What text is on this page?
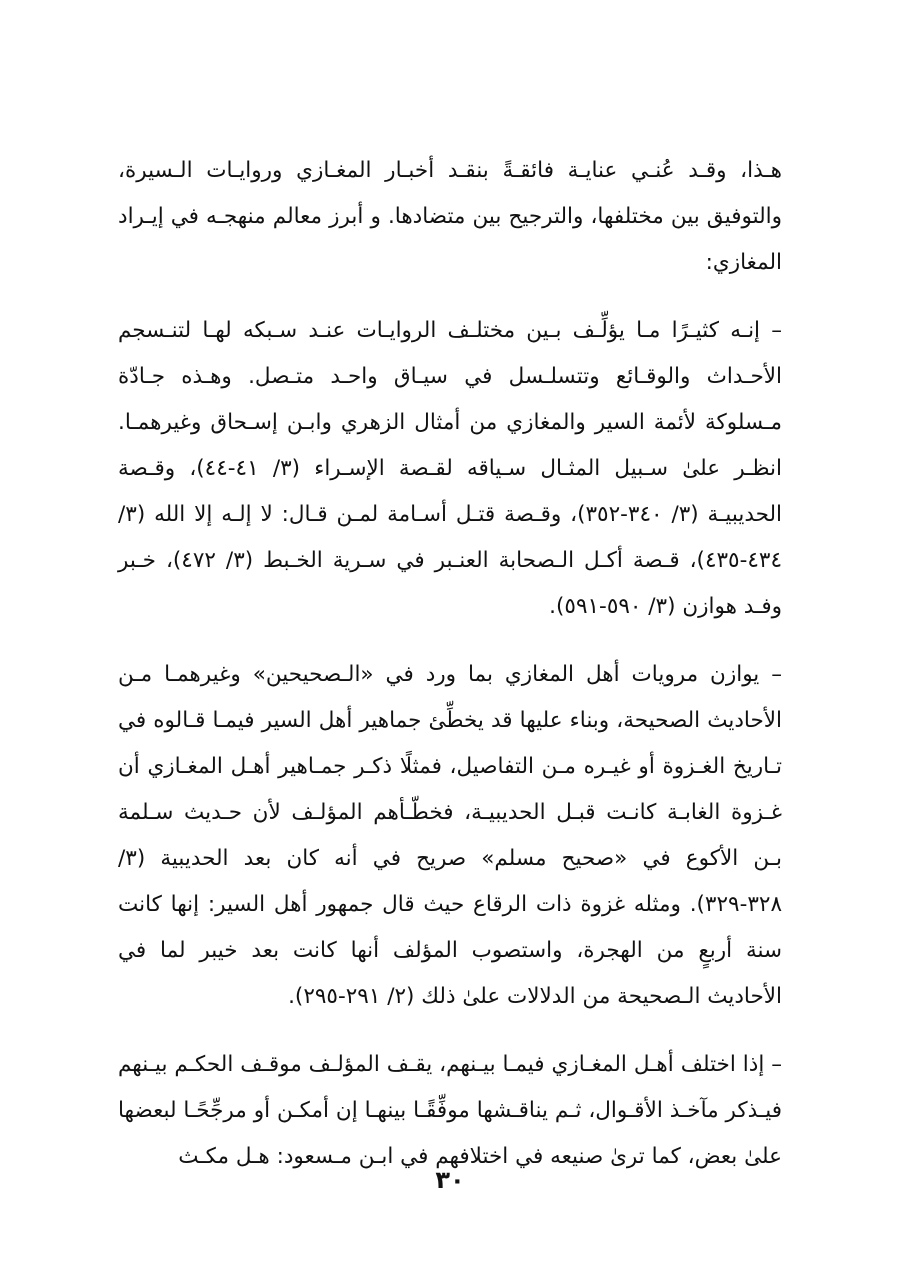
هـذا، وقـد عُنـي عنايـة فائقـةً بنقـد أخبـار المغـازي وروايـات الـسيرة، والتوفيق بين مختلفها، والترجيح بين متضادها. و أبرز معالم منهجـه في إيـراد المغازي:

– إنـه كثيـرًا مـا يؤلِّـف بـين مختلـف الروايـات عنـد سـبكه لهـا لتنـسجم الأحـداث والوقـائع وتتسلـسل في سيـاق واحـد متـصل. وهـذه جـادّة مـسلوكة لأئمة السير والمغازي من أمثال الزهري وابـن إسـحاق وغيرهمـا. انظـر علىٰ سـبيل المثـال سـياقه لقـصة الإسـراء (٣/ ٤١-٤٤)، وقـصة الحديبيـة (٣/ ٣٤٠-٣٥٢)، وقـصة قتـل أسـامة لمـن قـال: لا إلـه إلا الله (٣/ ٤٣٤-٤٣٥)، قـصة أكـل الـصحابة العنـبر في سـرية الخـبط (٣/ ٤٧٢)، خـبر وفـد هوازن (٣/ ٥٩٠-٥٩١).

– يوازن مرويات أهل المغازي بما ورد في «الـصحيحين» وغيرهمـا مـن الأحاديث الصحيحة، وبناء عليها قد يخطِّئ جماهير أهل السير فيمـا قـالوه في تـاريخ الغـزوة أو غيـره مـن التفاصيل، فمثلًا ذكـر جمـاهير أهـل المغـازي أن غـزوة الغابـة كانـت قبـل الحديبيـة، فخطّـأهم المؤلـف لأن حـديث سـلمة بـن الأكوع في «صحيح مسلم» صريح في أنه كان بعد الحديبية (٣/ ٣٢٨-٣٢٩). ومثله غزوة ذات الرقاع حيث قال جمهور أهل السير: إنها كانت سنة أربعٍ من الهجرة، واستصوب المؤلف أنها كانت بعد خيبر لما في الأحاديث الـصحيحة من الدلالات علىٰ ذلك (٢/ ٢٩١-٢٩٥).

– إذا اختلف أهـل المغـازي فيمـا بيـنهم، يقـف المؤلـف موقـف الحكـم بيـنهم فيـذكر مآخـذ الأقـوال، ثـم يناقـشها موفِّقًـا بينهـا إن أمكـن أو مرجِّحًـا لبعضها علىٰ بعض، كما ترىٰ صنيعه في اختلافهم في ابـن مـسعود: هـل مكـث

٣٠
